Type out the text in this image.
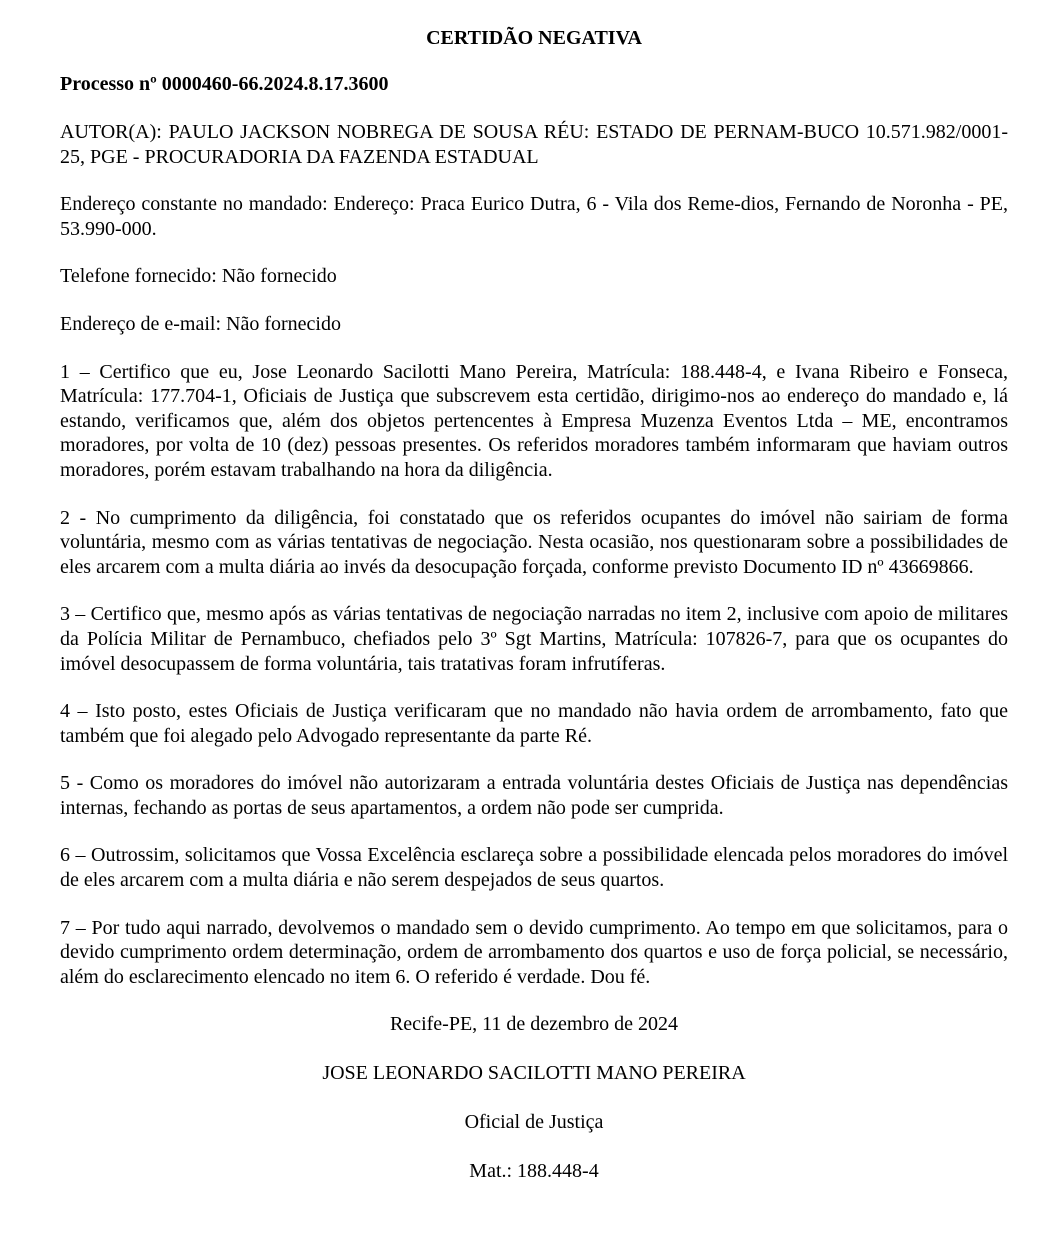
CERTIDÃO NEGATIVA
Processo nº 0000460-66.2024.8.17.3600

AUTOR(A): PAULO JACKSON NOBREGA DE SOUSA RÉU: ESTADO DE PERNAM-BUCO 10.571.982/0001-25, PGE - PROCURADORIA DA FAZENDA ESTADUAL

Endereço constante no mandado: Endereço: Praca Eurico Dutra, 6 - Vila dos Reme-dios, Fernando de Noronha - PE, 53.990-000.

Telefone fornecido: Não fornecido

Endereço de e-mail: Não fornecido

1 – Certifico que eu, Jose Leonardo Sacilotti Mano Pereira, Matrícula: 188.448-4, e Ivana Ribeiro e Fonseca, Matrícula: 177.704-1, Oficiais de Justiça que subscrevem esta certidão, dirigimo-nos ao endereço do mandado e, lá estando, verificamos que, além dos objetos pertencentes à Empresa Muzenza Eventos Ltda – ME, encontramos moradores, por volta de 10 (dez) pessoas presentes. Os referidos moradores também informaram que haviam outros moradores, porém estavam trabalhando na hora da diligência.

2 - No cumprimento da diligência, foi constatado que os referidos ocupantes do imóvel não sairiam de forma voluntária, mesmo com as várias tentativas de negociação. Nesta ocasião, nos questionaram sobre a possibilidades de eles arcarem com a multa diária ao invés da desocupação forçada, conforme previsto Documento ID nº 43669866.

3 – Certifico que, mesmo após as várias tentativas de negociação narradas no item 2, inclusive com apoio de militares da Polícia Militar de Pernambuco, chefiados pelo 3º Sgt Martins, Matrícula: 107826-7, para que os ocupantes do imóvel desocupassem de forma voluntária, tais tratativas foram infrutíferas.

4 – Isto posto, estes Oficiais de Justiça verificaram que no mandado não havia ordem de arrombamento, fato que também que foi alegado pelo Advogado representante da parte Ré.

5 - Como os moradores do imóvel não autorizaram a entrada voluntária destes Oficiais de Justiça nas dependências internas, fechando as portas de seus apartamentos, a ordem não pode ser cumprida.

6 – Outrossim, solicitamos que Vossa Excelência esclareça sobre a possibilidade elencada pelos moradores do imóvel de eles arcarem com a multa diária e não serem despejados de seus quartos.

7 – Por tudo aqui narrado, devolvemos o mandado sem o devido cumprimento. Ao tempo em que solicitamos, para o devido cumprimento ordem determinação, ordem de arrombamento dos quartos e uso de força policial, se necessário, além do esclarecimento elencado no item 6. O referido é verdade. Dou fé.

Recife-PE, 11 de dezembro de 2024

JOSE LEONARDO SACILOTTI MANO PEREIRA

Oficial de Justiça

Mat.: 188.448-4
